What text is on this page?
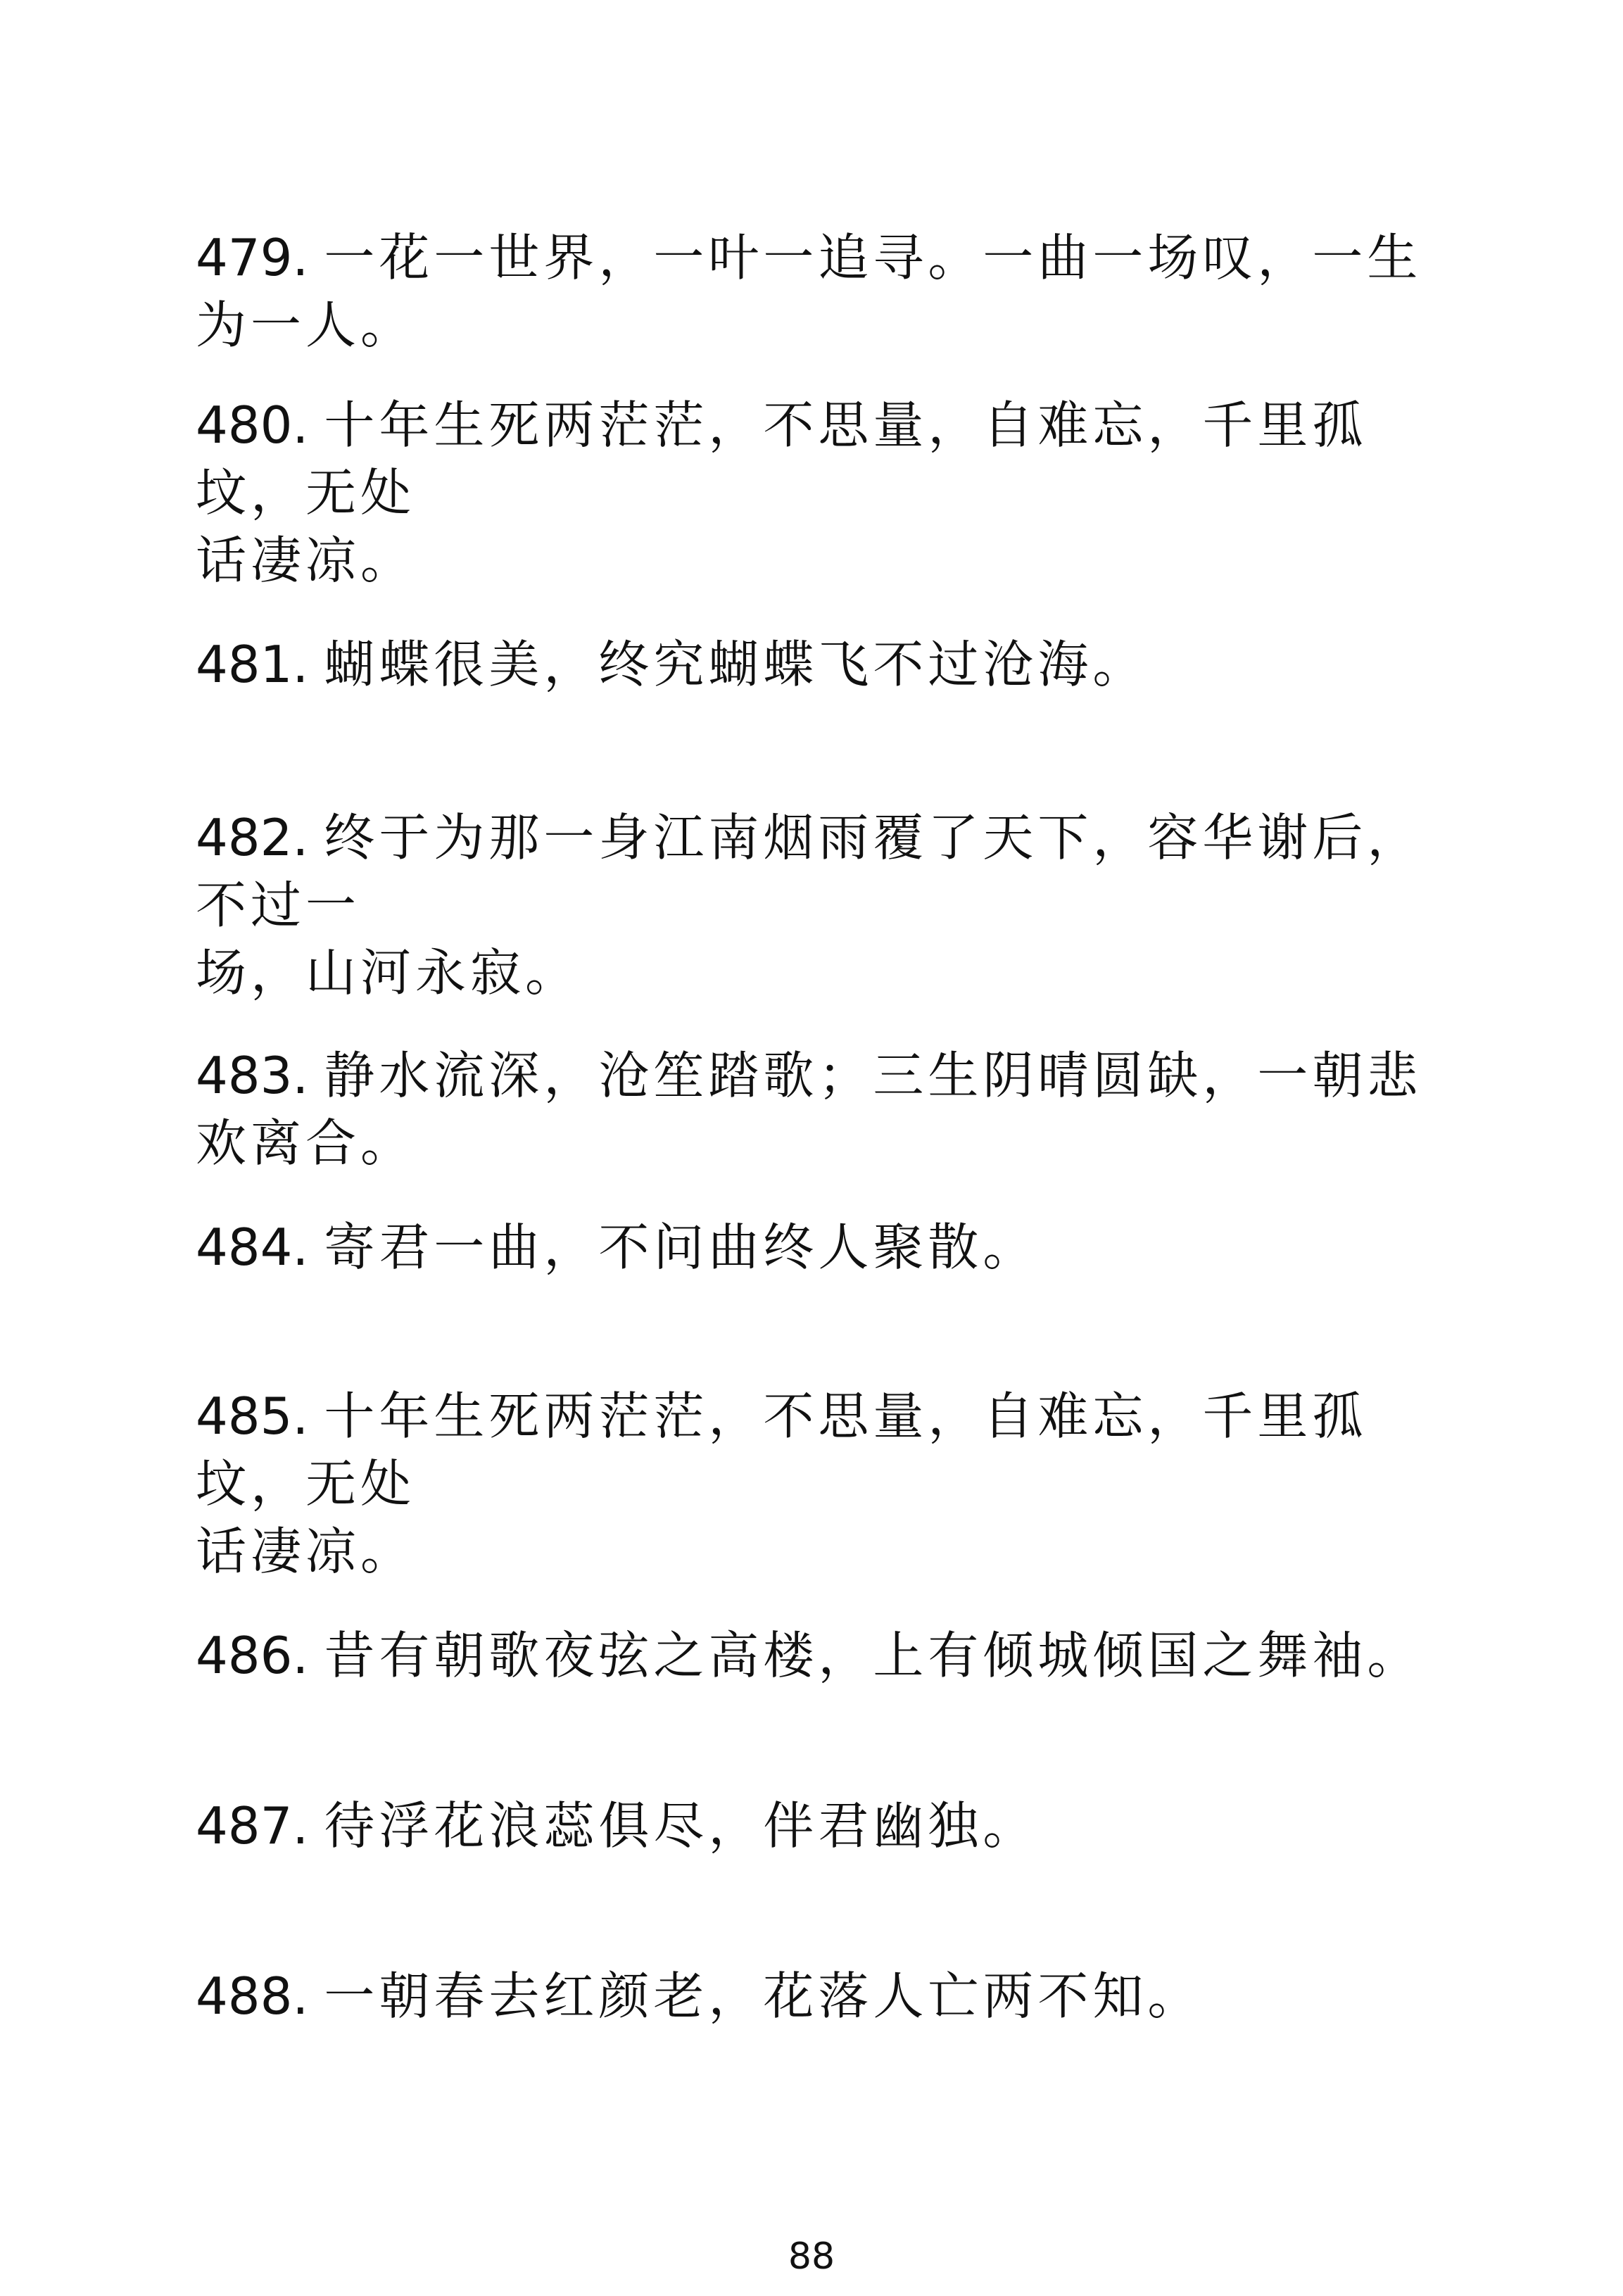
479. 一花一世界，一叶一追寻。一曲一场叹，一生为一人。

480. 十年生死两茫茫，不思量，自难忘，千里孤坟，无处
话凄凉。

481. 蝴蝶很美，终究蝴蝶飞不过沧海。

482. 终于为那一身江南烟雨覆了天下，容华谢后，不过一
场，山河永寂。

483. 静水流深，沧笙踏歌；三生阴晴圆缺，一朝悲欢离合。

484. 寄君一曲，不问曲终人聚散。

485. 十年生死两茫茫，不思量，自难忘，千里孤坟，无处
话凄凉。

486. 昔有朝歌夜弦之高楼，上有倾城倾国之舞袖。

487. 待浮花浪蕊俱尽，伴君幽独。

488. 一朝春去红颜老，花落人亡两不知。

88
